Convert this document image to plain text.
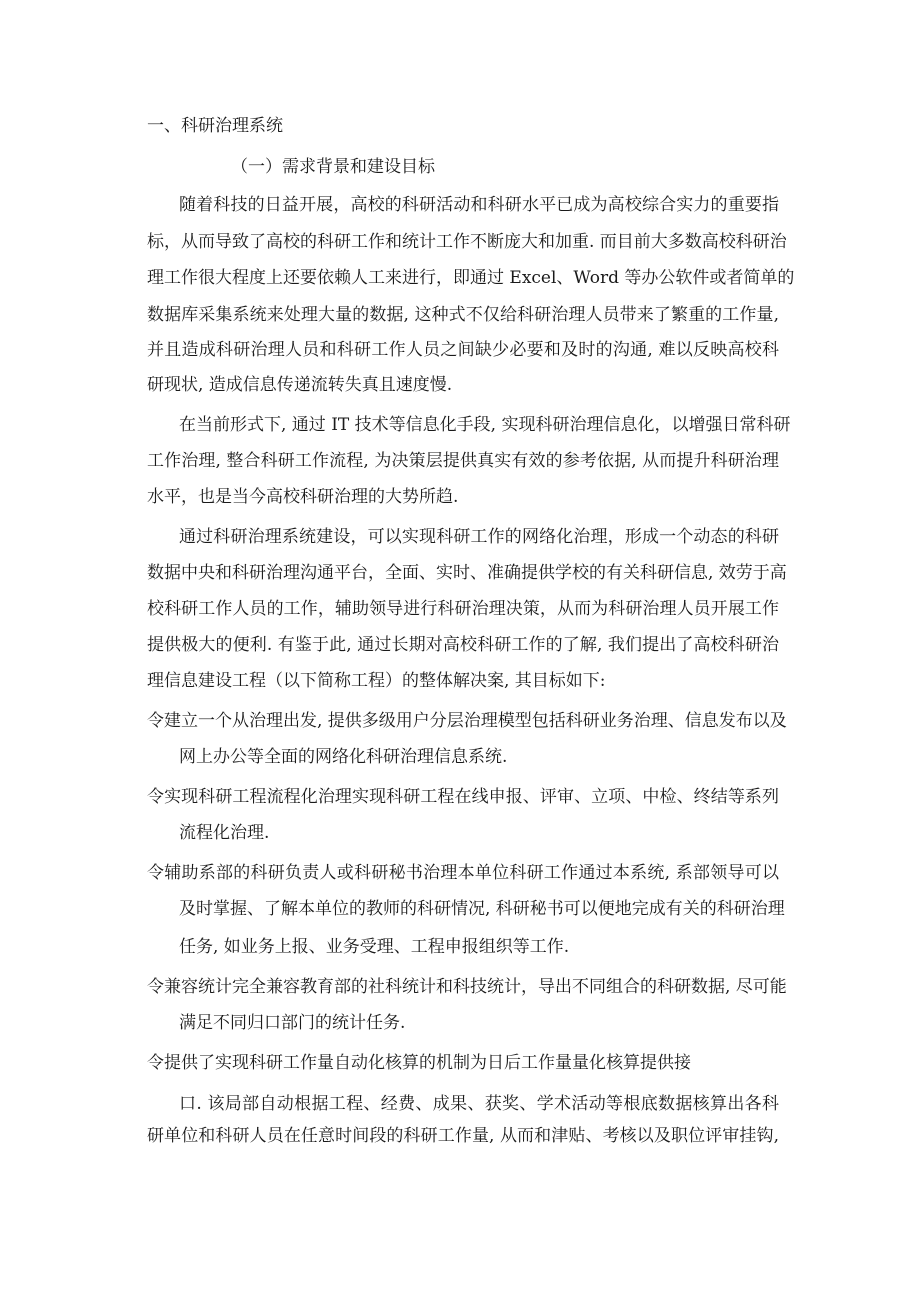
一、科研治理系统

（一）需求背景和建设目标

随着科技的日益开展，高校的科研活动和科研水平已成为高校综合实力的重要指

标，从而导致了高校的科研工作和统计工作不断庞大和加重. 而目前大多数高校科研治

理工作很大程度上还要依赖人工来进行，即通过 Excel、Word 等办公软件或者简单的

数据库采集系统来处理大量的数据, 这种式不仅给科研治理人员带来了繁重的工作量,

并且造成科研治理人员和科研工作人员之间缺少必要和及时的沟通, 难以反映高校科

研现状, 造成信息传递流转失真且速度慢.

在当前形式下, 通过 IT 技术等信息化手段, 实现科研治理信息化，以增强日常科研

工作治理, 整合科研工作流程, 为决策层提供真实有效的参考依据, 从而提升科研治理

水平，也是当今高校科研治理的大势所趋.

通过科研治理系统建设，可以实现科研工作的网络化治理，形成一个动态的科研

数据中央和科研治理沟通平台，全面、实时、准确提供学校的有关科研信息, 效劳于高

校科研工作人员的工作，辅助领导进行科研治理决策，从而为科研治理人员开展工作

提供极大的便利. 有鉴于此, 通过长期对高校科研工作的了解, 我们提出了高校科研治

理信息建设工程（以下简称工程）的整体解决案, 其目标如下:

令建立一个从治理出发, 提供多级用户分层治理模型包括科研业务治理、信息发布以及

网上办公等全面的网络化科研治理信息系统.

令实现科研工程流程化治理实现科研工程在线申报、评审、立项、中检、终结等系列

流程化治理.

令辅助系部的科研负责人或科研秘书治理本单位科研工作通过本系统, 系部领导可以

及时掌握、了解本单位的教师的科研情况, 科研秘书可以便地完成有关的科研治理

任务, 如业务上报、业务受理、工程申报组织等工作.

令兼容统计完全兼容教育部的社科统计和科技统计，导出不同组合的科研数据, 尽可能

满足不同归口部门的统计任务.

令提供了实现科研工作量自动化核算的机制为日后工作量量化核算提供接

口. 该局部自动根据工程、经费、成果、获奖、学术活动等根底数据核算出各科

研单位和科研人员在任意时间段的科研工作量, 从而和津贴、考核以及职位评审挂钩,
